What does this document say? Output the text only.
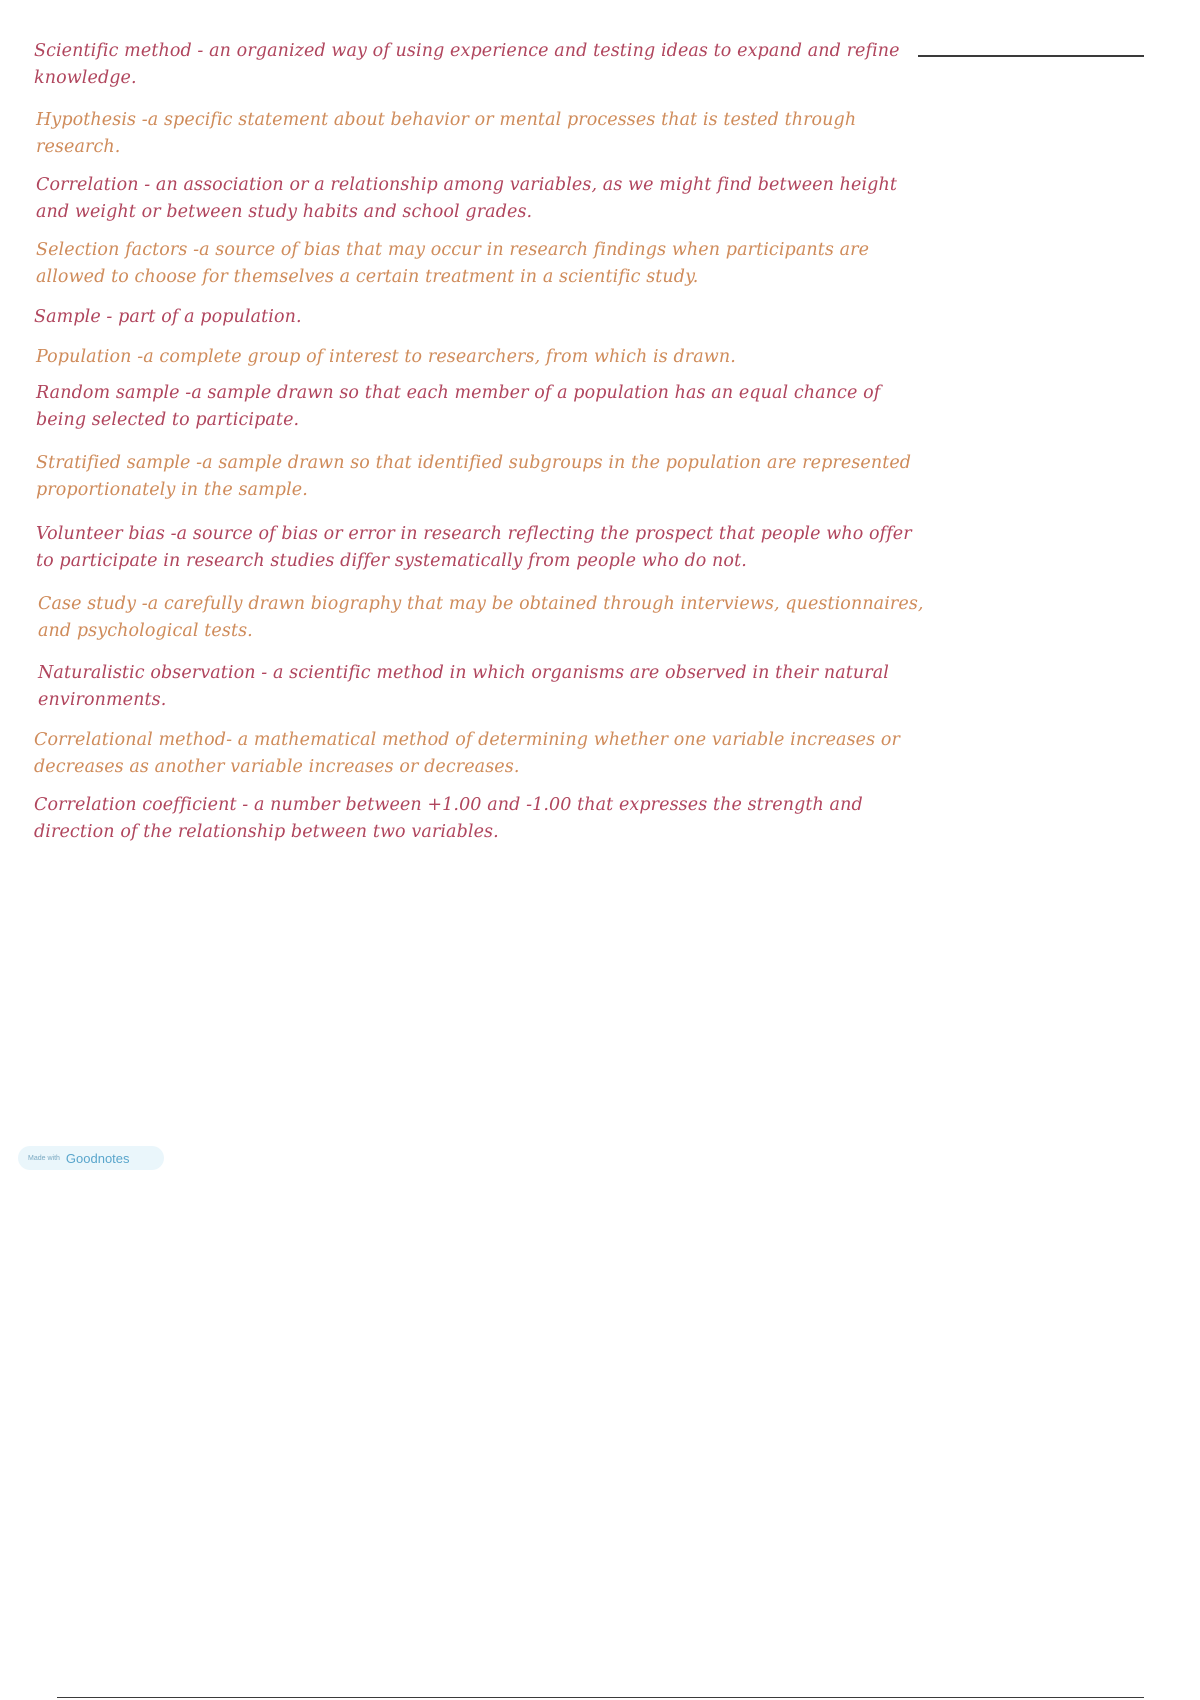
Scientific method - an organized way of using experience and testing ideas to expand and refine knowledge.

Hypothesis -a specific statement about behavior or mental processes that is tested through research.

Correlation - an association or a relationship among variables, as we might find between height and weight or between study habits and school grades.

Selection factors -a source of bias that may occur in research findings when participants are allowed to choose for themselves a certain treatment in a scientific study.

Sample - part of a population.

Population -a complete group of interest to researchers, from which is drawn.

Random sample -a sample drawn so that each member of a population has an equal chance of being selected to participate.

Stratified sample -a sample drawn so that identified subgroups in the population are represented proportionately in the sample.

Volunteer bias -a source of bias or error in research reflecting the prospect that people who offer to participate in research studies differ systematically from people who do not.

Case study -a carefully drawn biography that may be obtained through interviews, questionnaires, and psychological tests.

Naturalistic observation - a scientific method in which organisms are observed in their natural environments.

Correlational method- a mathematical method of determining whether one variable increases or decreases as another variable increases or decreases.

Correlation coefficient - a number between +1.00 and -1.00 that expresses the strength and direction of the relationship between two variables.

Made with Goodnotes
